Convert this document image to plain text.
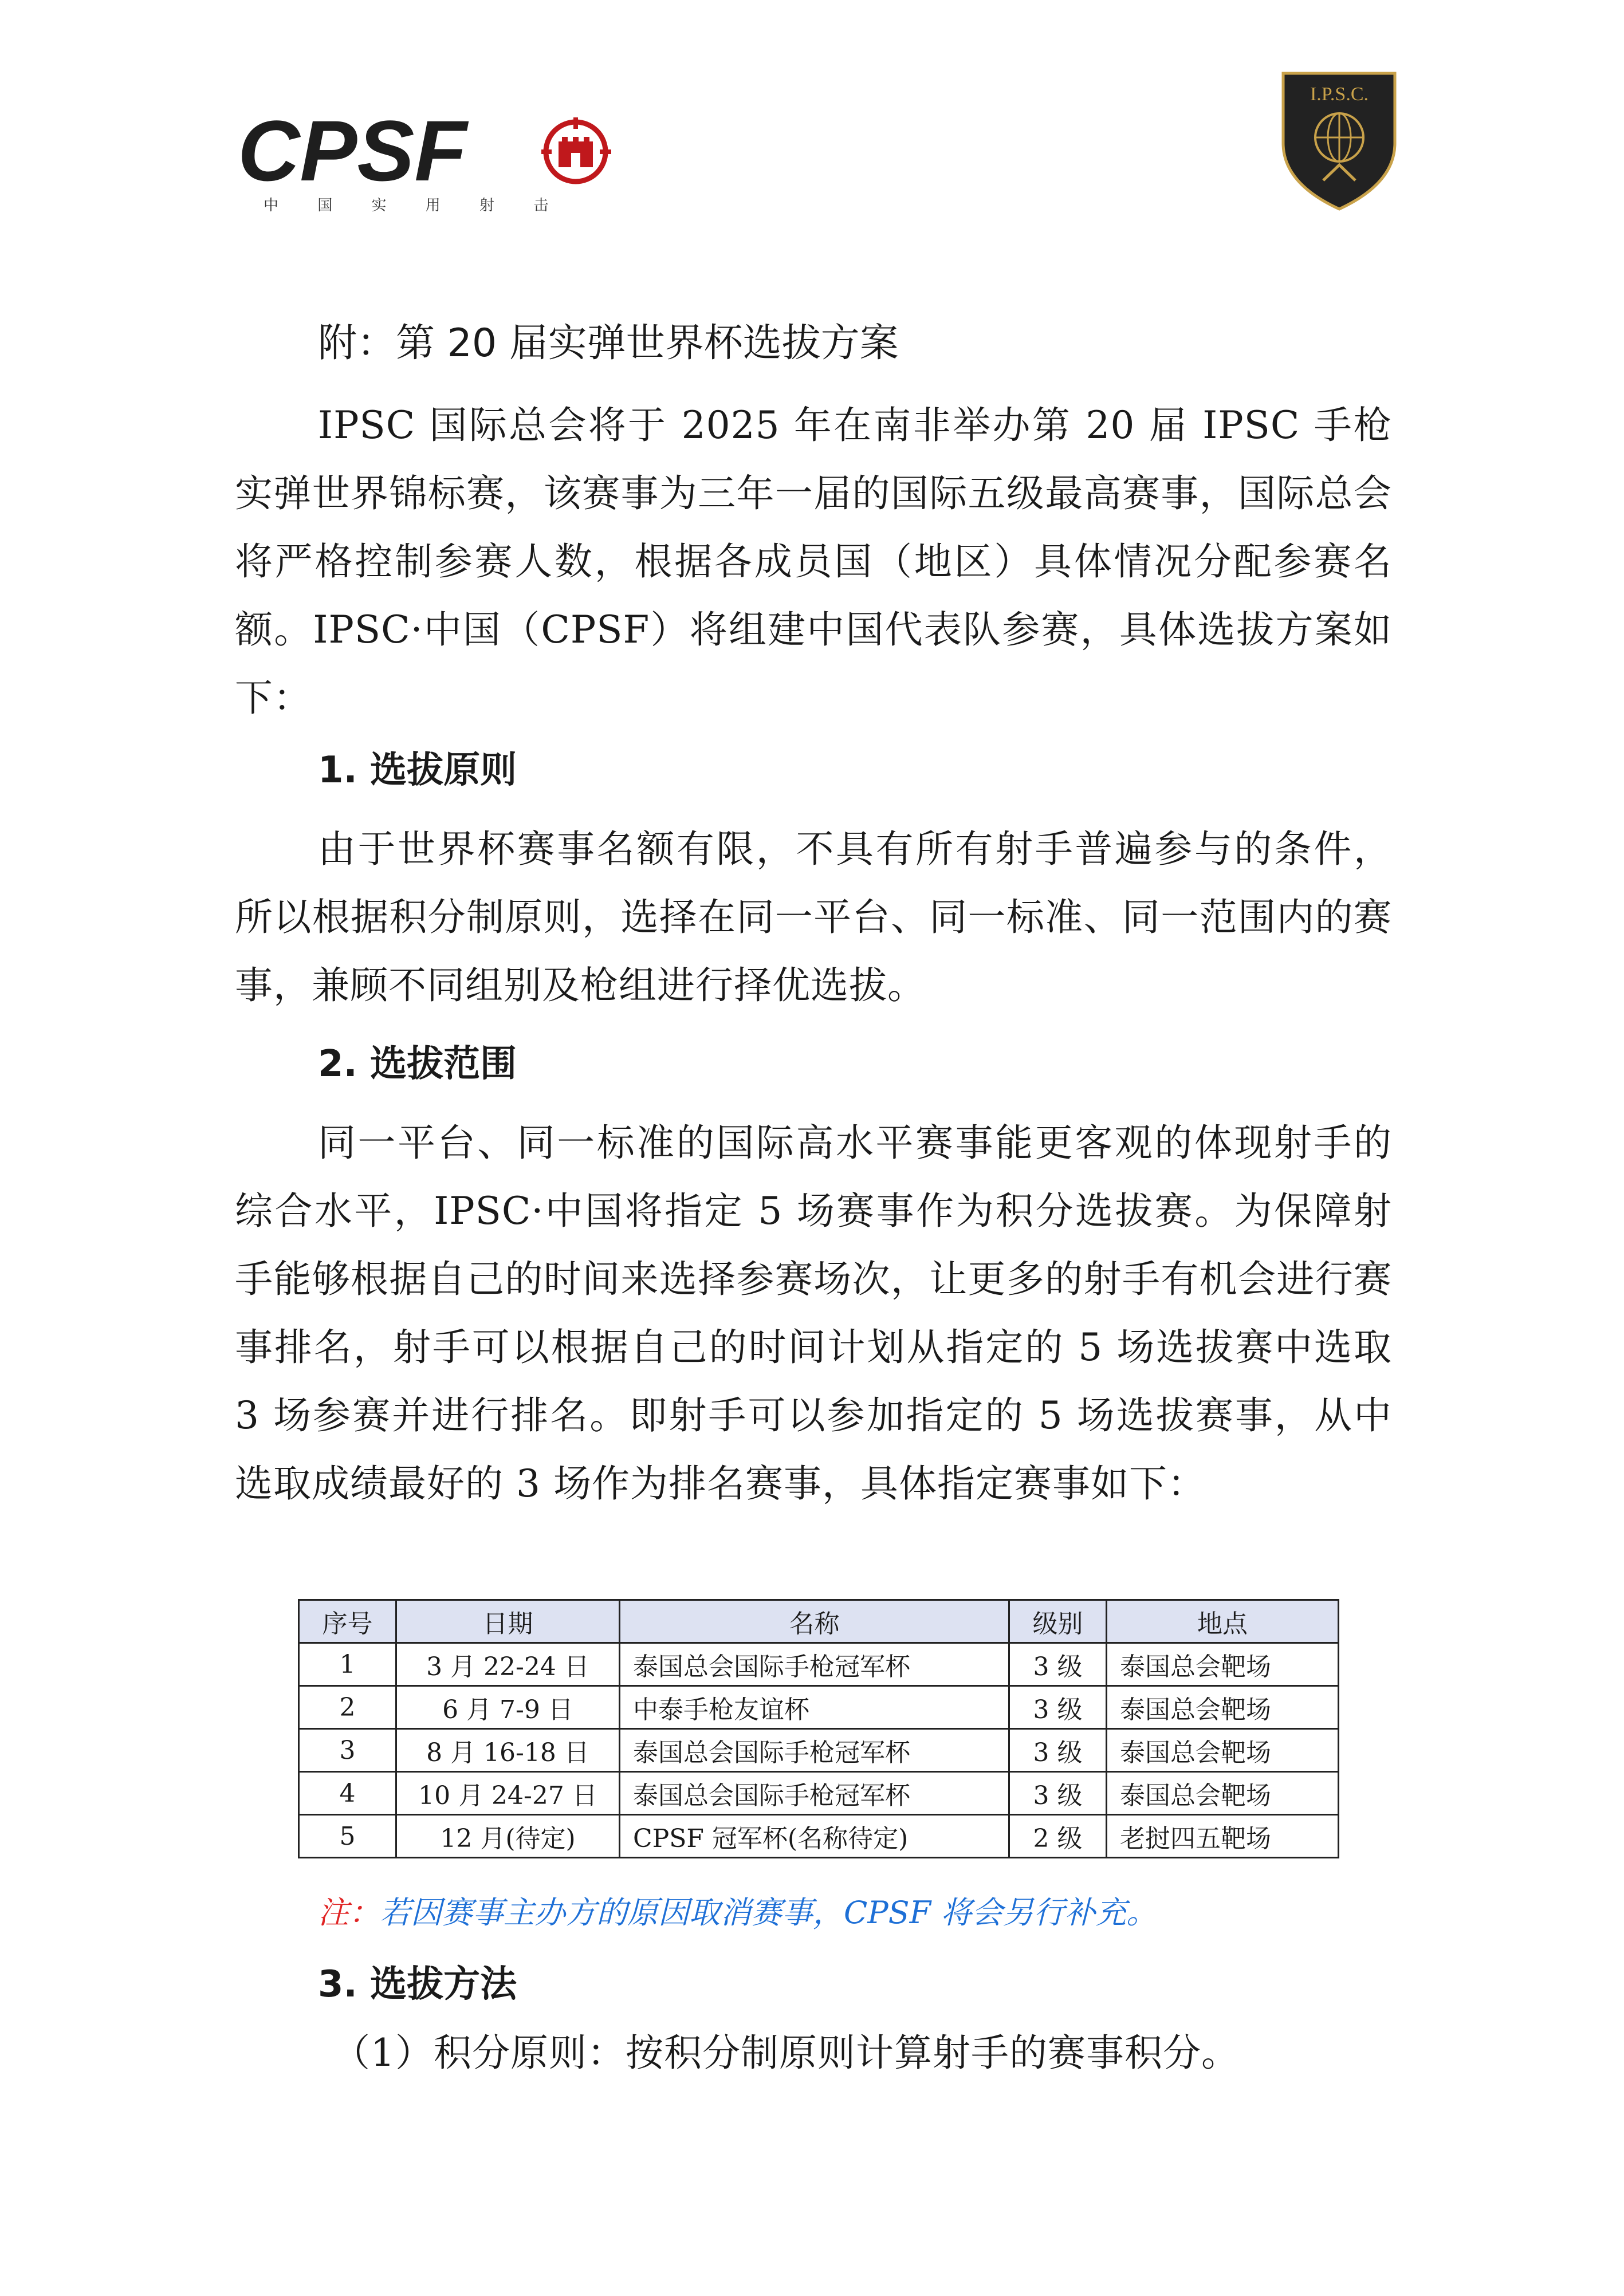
CPSF
中 国 实 用 射 击
I.P.S.C.
附：第 20 届实弹世界杯选拔方案
IPSC 国际总会将于 2025 年在南非举办第 20 届 IPSC 手枪实弹世界锦标赛，该赛事为三年一届的国际五级最高赛事，国际总会将严格控制参赛人数，根据各成员国（地区）具体情况分配参赛名额。IPSC·中国（CPSF）将组建中国代表队参赛，具体选拔方案如下：
1. 选拔原则
由于世界杯赛事名额有限，不具有所有射手普遍参与的条件，所以根据积分制原则，选择在同一平台、同一标准、同一范围内的赛事，兼顾不同组别及枪组进行择优选拔。
2. 选拔范围
同一平台、同一标准的国际高水平赛事能更客观的体现射手的综合水平，IPSC·中国将指定 5 场赛事作为积分选拔赛。为保障射手能够根据自己的时间来选择参赛场次，让更多的射手有机会进行赛事排名，射手可以根据自己的时间计划从指定的 5 场选拔赛中选取 3 场参赛并进行排名。即射手可以参加指定的 5 场选拔赛事，从中选取成绩最好的 3 场作为排名赛事，具体指定赛事如下：
序号	日期	名称	级别	地点
1	3 月 22-24 日	泰国总会国际手枪冠军杯	3 级	泰国总会靶场
2	6 月 7-9 日	中泰手枪友谊杯	3 级	泰国总会靶场
3	8 月 16-18 日	泰国总会国际手枪冠军杯	3 级	泰国总会靶场
4	10 月 24-27 日	泰国总会国际手枪冠军杯	3 级	泰国总会靶场
5	12 月(待定)	CPSF 冠军杯(名称待定)	2 级	老挝四五靶场
注：若因赛事主办方的原因取消赛事，CPSF 将会另行补充。
3. 选拔方法
（1）积分原则：按积分制原则计算射手的赛事积分。
